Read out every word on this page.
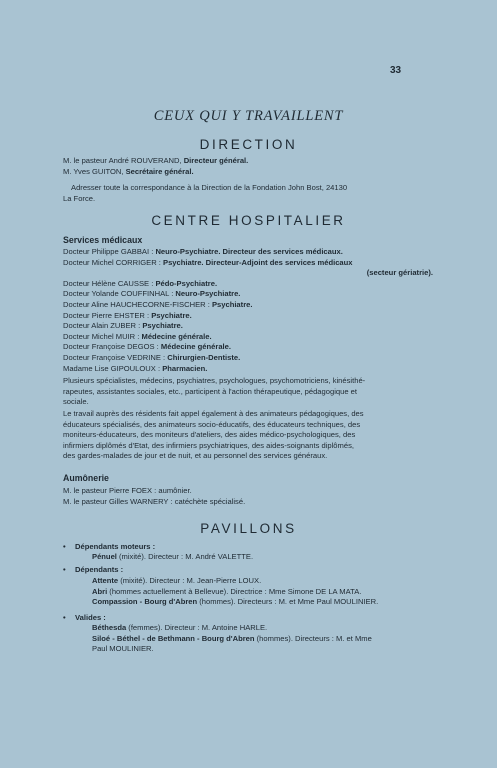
33
CEUX QUI Y TRAVAILLENT
DIRECTION
M. le pasteur André ROUVERAND, Directeur général.
M. Yves GUITON, Secrétaire général.
Adresser toute la correspondance à la Direction de la Fondation John Bost, 24130
La Force.
CENTRE HOSPITALIER
Services médicaux
Docteur Philippe GABBAI : Neuro-Psychiatre. Directeur des services médicaux.
Docteur Michel CORRIGER : Psychiatre. Directeur-Adjoint des services médicaux
(secteur gériatrie).
Docteur Hélène CAUSSE : Pédo-Psychiatre.
Docteur Yolande COUFFINHAL : Neuro-Psychiatre.
Docteur Aline HAUCHECORNE-FISCHER : Psychiatre.
Docteur Pierre EHSTER : Psychiatre.
Docteur Alain ZUBER : Psychiatre.
Docteur Michel MUIR : Médecine générale.
Docteur Françoise DEGOS : Médecine générale.
Docteur Françoise VEDRINE : Chirurgien-Dentiste.
Madame Lise GIPOULOUX : Pharmacien.
Plusieurs spécialistes, médecins, psychiatres, psychologues, psychomotriciens, kinésithé-
rapeutes, assistantes sociales, etc., participent à l'action thérapeutique, pédagogique et
sociale.
Le travail auprès des résidents fait appel également à des animateurs pédagogiques, des
éducateurs spécialisés, des animateurs socio-éducatifs, des éducateurs techniques, des
moniteurs-éducateurs, des moniteurs d'ateliers, des aides médico-psychologiques, des
infirmiers diplômés d'Etat, des infirmiers psychiatriques, des aides-soignants diplômés,
des gardes-malades de jour et de nuit, et au personnel des services généraux.
Aumônerie
M. le pasteur Pierre FOEX : aumônier.
M. le pasteur Gilles WARNERY : catéchète spécialisé.
PAVILLONS
• Dépendants moteurs :
Pénuel (mixité). Directeur : M. André VALETTE.
• Dépendants :
Attente (mixité). Directeur : M. Jean-Pierre LOUX.
Abri (hommes actuellement à Bellevue). Directrice : Mme Simone DE LA MATA.
Compassion - Bourg d'Abren (hommes). Directeurs : M. et Mme Paul MOULINIER.
• Valides :
Béthesda (femmes). Directeur : M. Antoine HARLE.
Siloé - Béthel - de Bethmann - Bourg d'Abren (hommes). Directeurs : M. et Mme
Paul MOULINIER.
